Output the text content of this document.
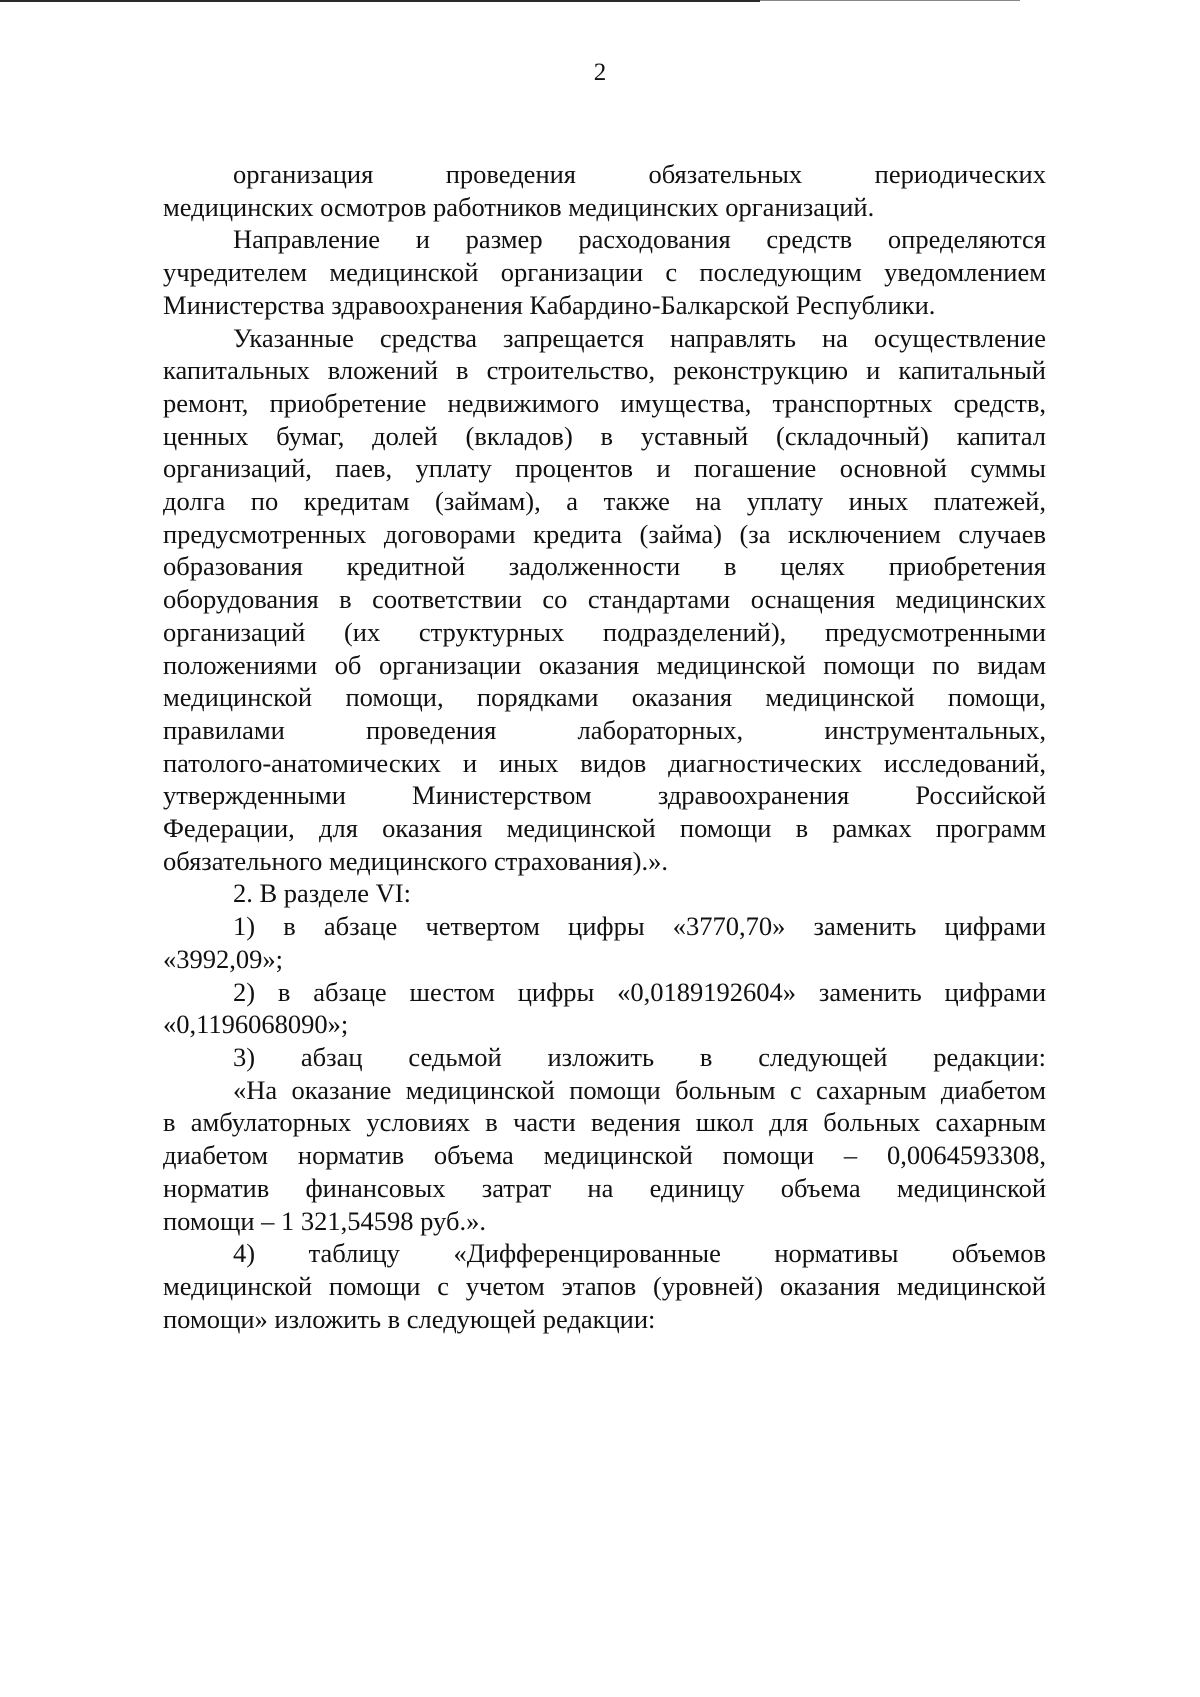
2

организация проведения обязательных периодических
медицинских осмотров работников медицинских организаций.

Направление и размер расходования средств определяются
учредителем медицинской организации с последующим уведомлением
Министерства здравоохранения Кабардино-Балкарской Республики.

Указанные средства запрещается направлять на осуществление
капитальных вложений в строительство, реконструкцию и капитальный
ремонт, приобретение недвижимого имущества, транспортных средств,
ценных бумаг, долей (вкладов) в уставный (складочный) капитал
организаций, паев, уплату процентов и погашение основной суммы
долга по кредитам (займам), а также на уплату иных платежей,
предусмотренных договорами кредита (займа) (за исключением случаев
образования кредитной задолженности в целях приобретения
оборудования в соответствии со стандартами оснащения медицинских
организаций (их структурных подразделений), предусмотренными
положениями об организации оказания медицинской помощи по видам
медицинской помощи, порядками оказания медицинской помощи,
правилами проведения лабораторных, инструментальных,
патолого-анатомических и иных видов диагностических исследований,
утвержденными Министерством здравоохранения Российской
Федерации, для оказания медицинской помощи в рамках программ
обязательного медицинского страхования).».

2. В разделе VI:

1) в абзаце четвертом цифры «3770,70» заменить цифрами
«3992,09»;

2) в абзаце шестом цифры «0,0189192604» заменить цифрами
«0,1196068090»;

3) абзац седьмой изложить в следующей редакции:

«На оказание медицинской помощи больным с сахарным диабетом
в амбулаторных условиях в части ведения школ для больных сахарным
диабетом норматив объема медицинской помощи – 0,0064593308,
норматив финансовых затрат на единицу объема медицинской
помощи – 1 321,54598 руб.».

4) таблицу «Дифференцированные нормативы объемов
медицинской помощи с учетом этапов (уровней) оказания медицинской
помощи» изложить в следующей редакции:
